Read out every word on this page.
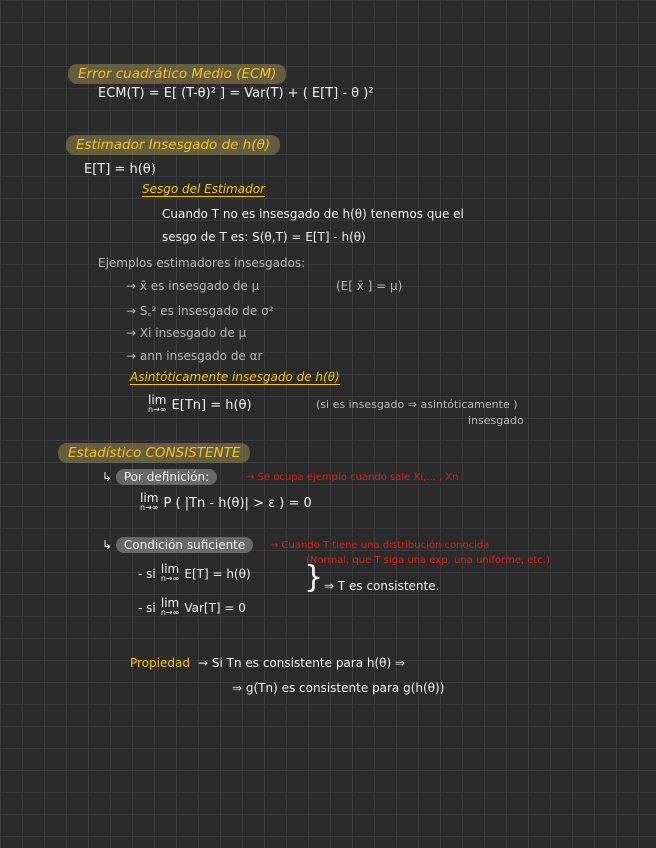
Error cuadrático Medio (ECM)
ECM(T) = E[ (T-θ)² ] = Var(T) + ( E[T] - θ )²
Estimador Insesgado de h(θ)
E[T] = h(θ)
Sesgo del Estimador
Cuando T no es insesgado de h(θ) tenemos que el
sesgo de T es: S(θ,T) = E[T] - h(θ)
Ejemplos estimadores insesgados:
→ x̄ es insesgado de μ	(E[ x̄ ] = μ)
→ S꜀² es insesgado de σ²
→ Xi insesgado de μ
→ ann insesgado de αr
Asintóticamente insesgado de h(θ)
lim
n→∞ E[Tn] = h(θ)	(si es insesgado ⇒ asintóticamente )
insesgado
Estadístico CONSISTENTE
↳ Por definición:	→ Se ocupa ejemplo cuando sale Xi,... , Xn
lim
n→∞ P ( |Tn - h(θ)| > ε ) = 0
↳ Condición suficiente	→ Cuando T tiene una distribución conocida
(Normal, que T siga una exp, una uniforme, etc.)
- si lim
n→∞ E[T] = h(θ)
- si lim
n→∞ Var[T] = 0
} ⇒ T es consistente.
Propiedad → Si Tn es consistente para h(θ) ⇒
⇒ g(Tn) es consistente para g(h(θ))
